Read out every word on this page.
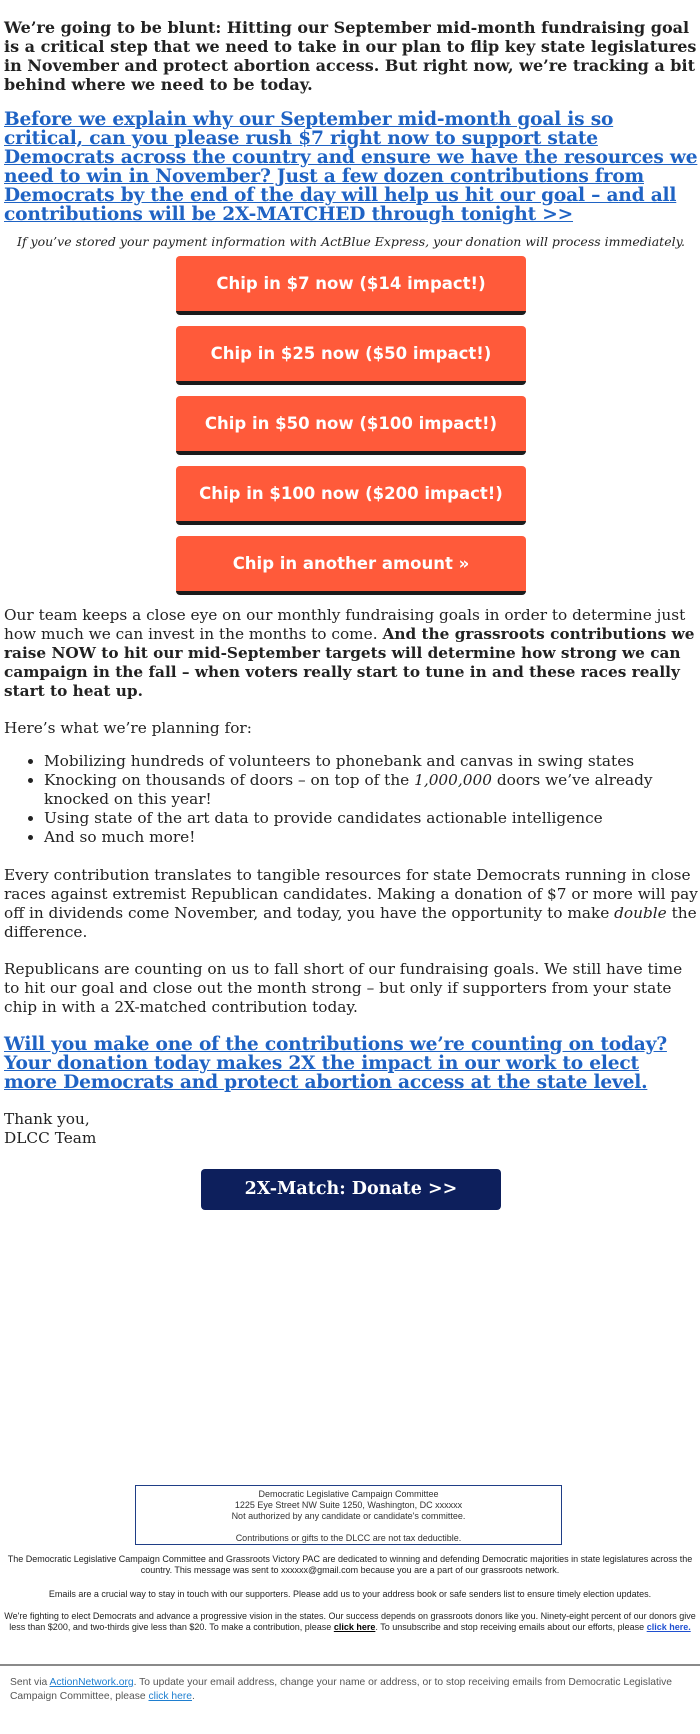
We’re going to be blunt: Hitting our September mid-month fundraising goal is a critical step that we need to take in our plan to flip key state legislatures in November and protect abortion access. But right now, we’re tracking a bit behind where we need to be today.

Before we explain why our September mid-month goal is so critical, can you please rush $7 right now to support state Democrats across the country and ensure we have the resources we need to win in November? Just a few dozen contributions from Democrats by the end of the day will help us hit our goal – and all contributions will be 2X-MATCHED through tonight >>
If you’ve stored your payment information with ActBlue Express, your donation will process immediately.
Chip in $7 now ($14 impact!)
Chip in $25 now ($50 impact!)
Chip in $50 now ($100 impact!)
Chip in $100 now ($200 impact!)
Chip in another amount »

Our team keeps a close eye on our monthly fundraising goals in order to determine just how much we can invest in the months to come. And the grassroots contributions we raise NOW to hit our mid-September targets will determine how strong we can campaign in the fall – when voters really start to tune in and these races really start to heat up.

Here’s what we’re planning for:

• Mobilizing hundreds of volunteers to phonebank and canvas in swing states
• Knocking on thousands of doors – on top of the 1,000,000 doors we’ve already knocked on this year!
• Using state of the art data to provide candidates actionable intelligence
• And so much more!

Every contribution translates to tangible resources for state Democrats running in close races against extremist Republican candidates. Making a donation of $7 or more will pay off in dividends come November, and today, you have the opportunity to make double the difference.

Republicans are counting on us to fall short of our fundraising goals. We still have time to hit our goal and close out the month strong – but only if supporters from your state chip in with a 2X-matched contribution today.

Will you make one of the contributions we’re counting on today? Your donation today makes 2X the impact in our work to elect more Democrats and protect abortion access at the state level.
Thank you,
DLCC Team
2X-Match: Donate >>
Democratic Legislative Campaign Committee
1225 Eye Street NW Suite 1250, Washington, DC xxxxxx
Not authorized by any candidate or candidate's committee.
Contributions or gifts to the DLCC are not tax deductible.
The Democratic Legislative Campaign Committee and Grassroots Victory PAC are dedicated to winning and defending Democratic majorities in state legislatures across the country. This message was sent to xxxxxx@gmail.com because you are a part of our grassroots network.
Emails are a crucial way to stay in touch with our supporters. Please add us to your address book or safe senders list to ensure timely election updates.
We're fighting to elect Democrats and advance a progressive vision in the states. Our success depends on grassroots donors like you. Ninety-eight percent of our donors give less than $200, and two-thirds give less than $20. To make a contribution, please click here. To unsubscribe and stop receiving emails about our efforts, please click here.
Sent via ActionNetwork.org. To update your email address, change your name or address, or to stop receiving emails from Democratic Legislative Campaign Committee, please click here.
